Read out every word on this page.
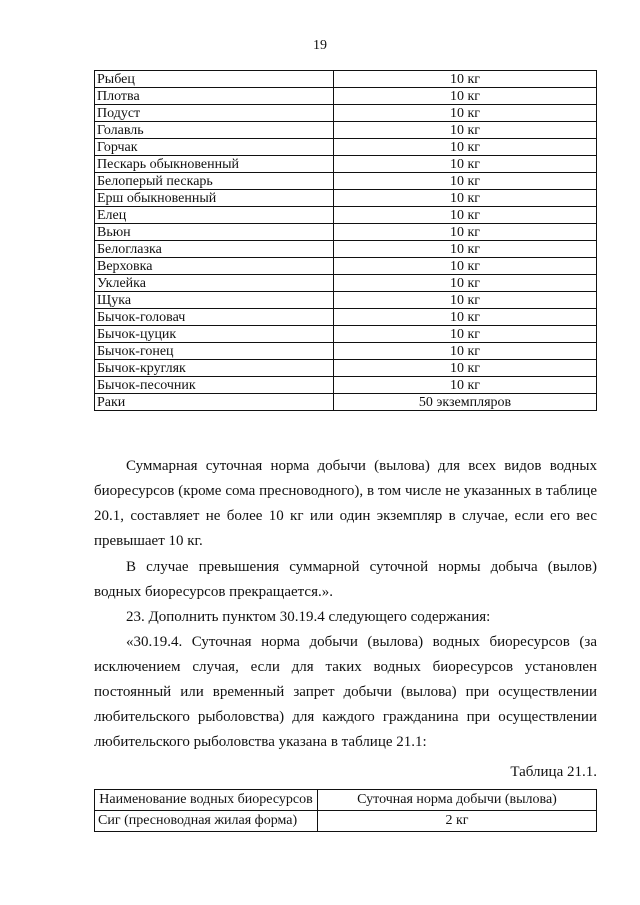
19
Рыбец	10 кг
Плотва	10 кг
Подуст	10 кг
Голавль	10 кг
Горчак	10 кг
Пескарь обыкновенный	10 кг
Белоперый пескарь	10 кг
Ерш обыкновенный	10 кг
Елец	10 кг
Вьюн	10 кг
Белоглазка	10 кг
Верховка	10 кг
Уклейка	10 кг
Щука	10 кг
Бычок-головач	10 кг
Бычок-цуцик	10 кг
Бычок-гонец	10 кг
Бычок-кругляк	10 кг
Бычок-песочник	10 кг
Раки	50 экземпляров
Суммарная суточная норма добычи (вылова) для всех видов водных биоресурсов (кроме сома пресноводного), в том числе не указанных в таблице 20.1, составляет не более 10 кг или один экземпляр в случае, если его вес превышает 10 кг.
В случае превышения суммарной суточной нормы добыча (вылов) водных биоресурсов прекращается.».
23. Дополнить пунктом 30.19.4 следующего содержания:
«30.19.4. Суточная норма добычи (вылова) водных биоресурсов (за исключением случая, если для таких водных биоресурсов установлен постоянный или временный запрет добычи (вылова) при осуществлении любительского рыболовства) для каждого гражданина при осуществлении любительского рыболовства указана в таблице 21.1:
Таблица 21.1.
Наименование водных биоресурсов	Суточная норма добычи (вылова)
Сиг (пресноводная жилая форма)	2 кг
